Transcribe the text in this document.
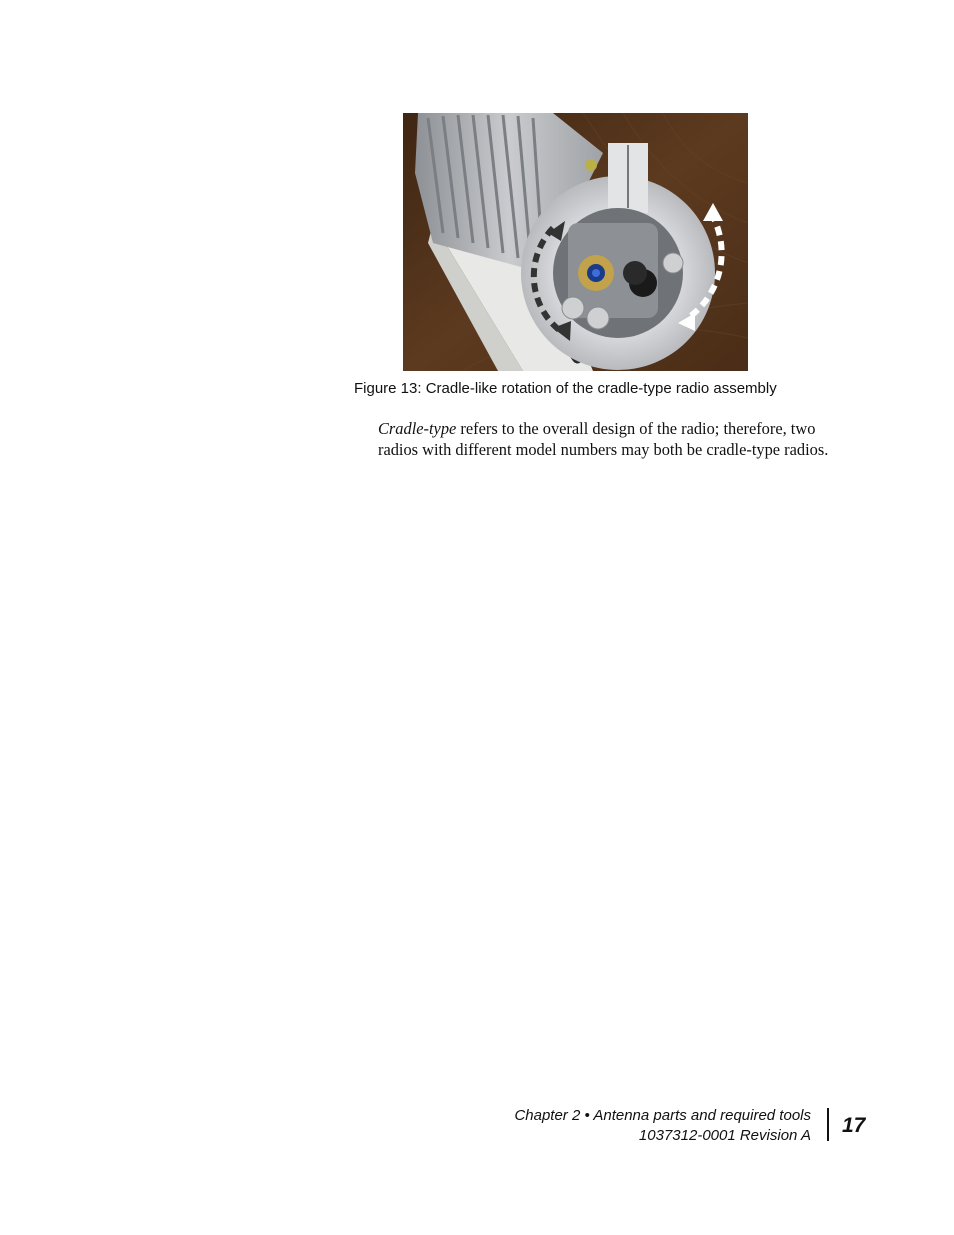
Figure 13: Cradle-like rotation of the cradle-type radio assembly

Cradle-type refers to the overall design of the radio; therefore, two radios with different model numbers may both be cradle-type radios.

Chapter 2 • Antenna parts and required tools
1037312-0001 Revision A 17
